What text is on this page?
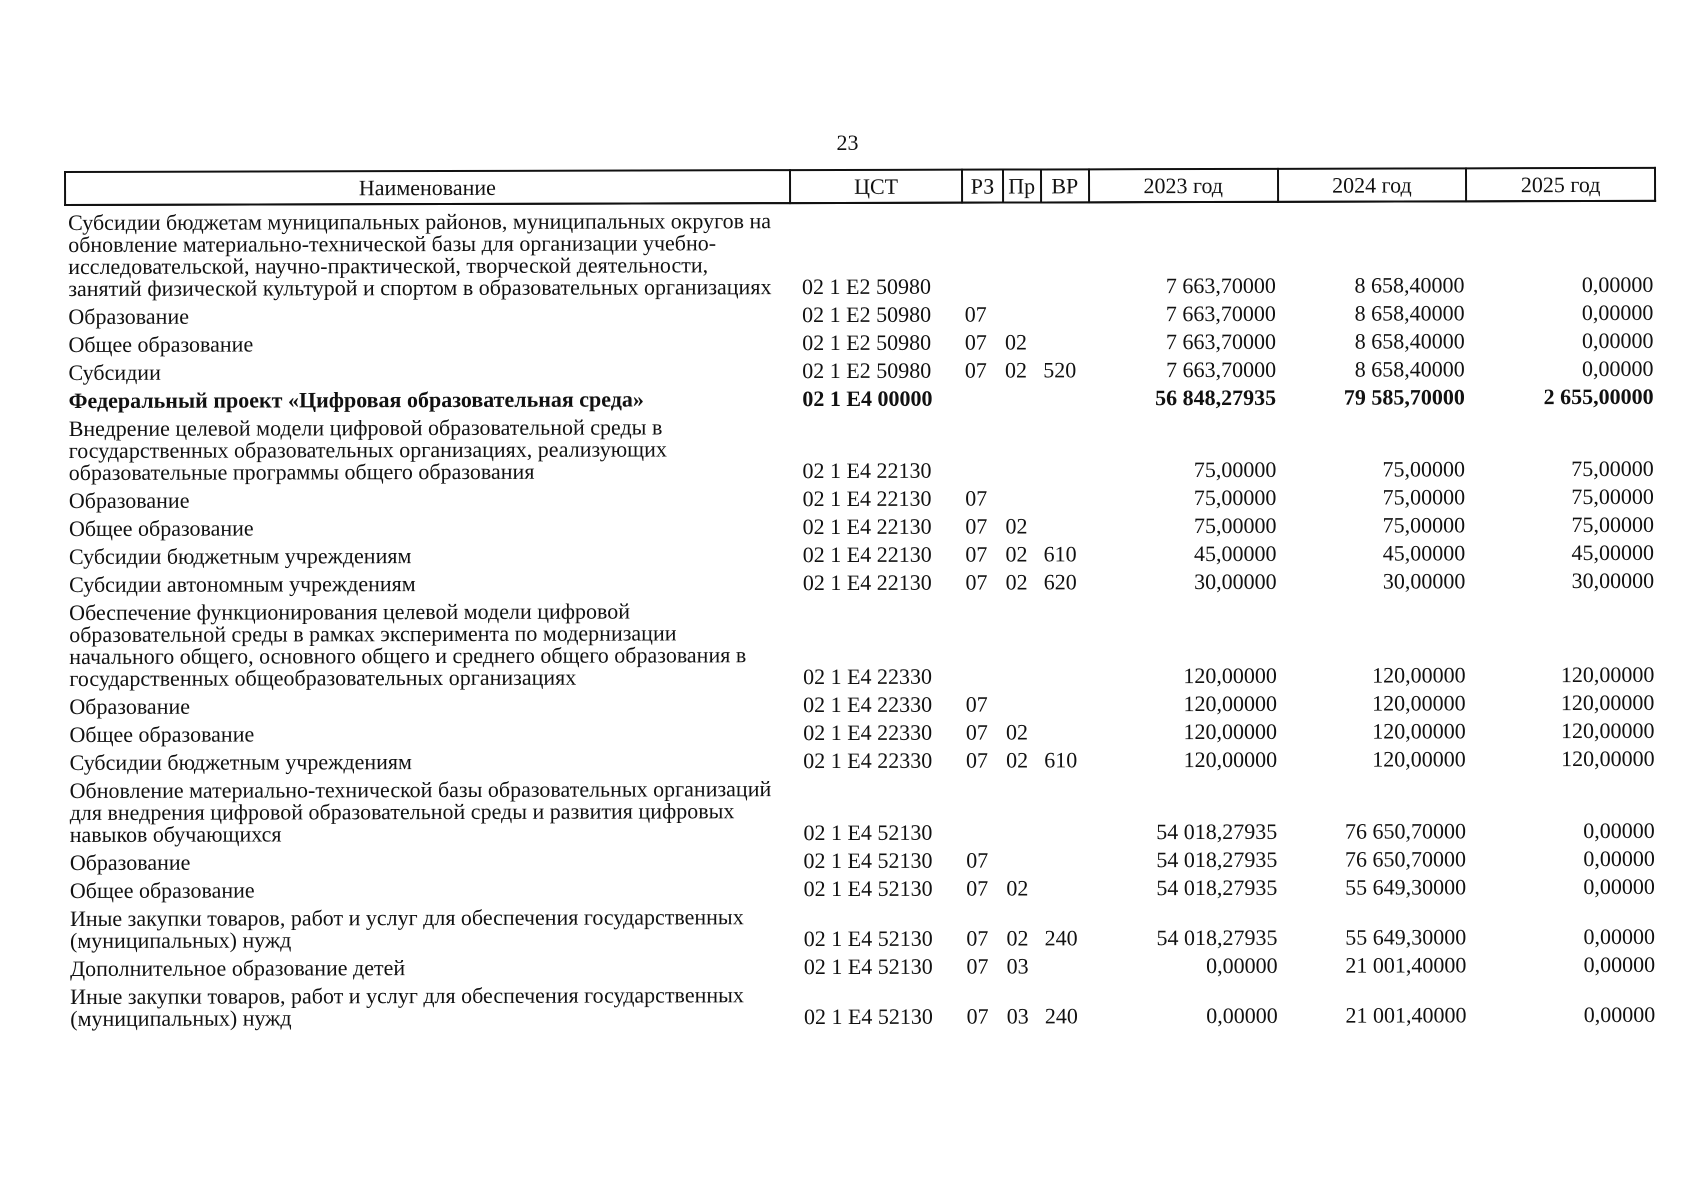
23
Наименование	ЦСТ	РЗ	Пр	ВР	2023 год	2024 год	2025 год
Субсидии бюджетам муниципальных районов, муниципальных округов на обновление материально-технической базы для организации учебно-исследовательской, научно-практической, творческой деятельности, занятий физической культурой и спортом в образовательных организациях	02 1 E2 50980				7 663,70000	8 658,40000	0,00000
Образование	02 1 E2 50980	07			7 663,70000	8 658,40000	0,00000
Общее образование	02 1 E2 50980	07	02		7 663,70000	8 658,40000	0,00000
Субсидии	02 1 E2 50980	07	02	520	7 663,70000	8 658,40000	0,00000
Федеральный проект «Цифровая образовательная среда»	02 1 E4 00000				56 848,27935	79 585,70000	2 655,00000
Внедрение целевой модели цифровой образовательной среды в государственных образовательных организациях, реализующих образовательные программы общего образования	02 1 E4 22130				75,00000	75,00000	75,00000
Образование	02 1 E4 22130	07			75,00000	75,00000	75,00000
Общее образование	02 1 E4 22130	07	02		75,00000	75,00000	75,00000
Субсидии бюджетным учреждениям	02 1 E4 22130	07	02	610	45,00000	45,00000	45,00000
Субсидии автономным учреждениям	02 1 E4 22130	07	02	620	30,00000	30,00000	30,00000
Обеспечение функционирования целевой модели цифровой образовательной среды в рамках эксперимента по модернизации начального общего, основного общего и среднего общего образования в государственных общеобразовательных организациях	02 1 E4 22330				120,00000	120,00000	120,00000
Образование	02 1 E4 22330	07			120,00000	120,00000	120,00000
Общее образование	02 1 E4 22330	07	02		120,00000	120,00000	120,00000
Субсидии бюджетным учреждениям	02 1 E4 22330	07	02	610	120,00000	120,00000	120,00000
Обновление материально-технической базы образовательных организаций для внедрения цифровой образовательной среды и развития цифровых навыков обучающихся	02 1 E4 52130				54 018,27935	76 650,70000	0,00000
Образование	02 1 E4 52130	07			54 018,27935	76 650,70000	0,00000
Общее образование	02 1 E4 52130	07	02		54 018,27935	55 649,30000	0,00000
Иные закупки товаров, работ и услуг для обеспечения государственных (муниципальных) нужд	02 1 E4 52130	07	02	240	54 018,27935	55 649,30000	0,00000
Дополнительное образование детей	02 1 E4 52130	07	03		0,00000	21 001,40000	0,00000
Иные закупки товаров, работ и услуг для обеспечения государственных (муниципальных) нужд	02 1 E4 52130	07	03	240	0,00000	21 001,40000	0,00000
